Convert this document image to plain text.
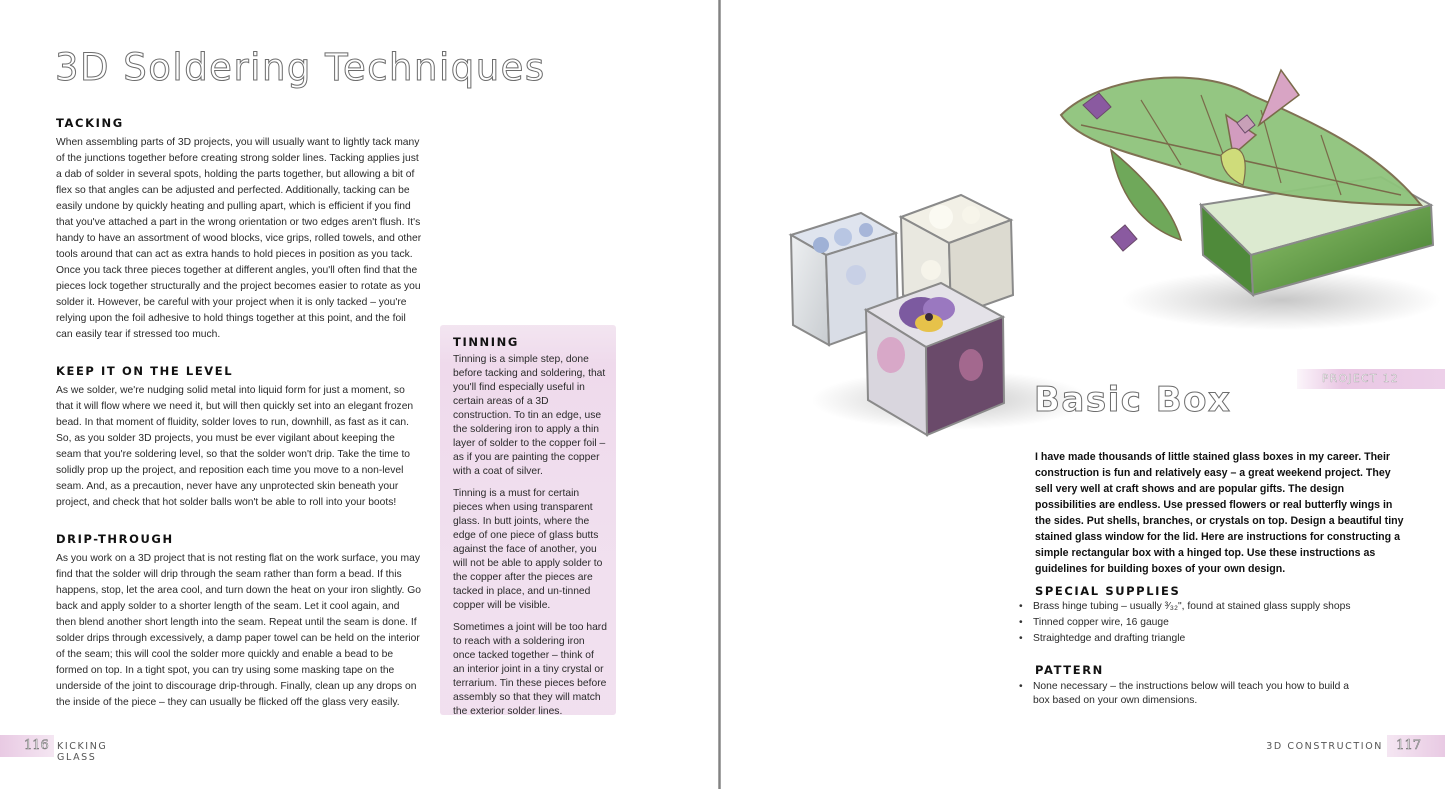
3D Soldering Techniques
TACKING

When assembling parts of 3D projects, you will usually want to lightly tack many of the junctions together before creating strong solder lines. Tacking applies just a dab of solder in several spots, holding the parts together, but allowing a bit of flex so that angles can be adjusted and perfected. Additionally, tacking can be easily undone by quickly heating and pulling apart, which is efficient if you find that you've attached a part in the wrong orientation or two edges aren't flush. It's handy to have an assortment of wood blocks, vice grips, rolled towels, and other tools around that can act as extra hands to hold pieces in position as you tack. Once you tack three pieces together at different angles, you'll often find that the pieces lock together structurally and the project becomes easier to rotate as you solder it. However, be careful with your project when it is only tacked – you're relying upon the foil adhesive to hold things together at this point, and the foil can easily tear if stressed too much.

KEEP IT ON THE LEVEL

As we solder, we're nudging solid metal into liquid form for just a moment, so that it will flow where we need it, but will then quickly set into an elegant frozen bead. In that moment of fluidity, solder loves to run, downhill, as fast as it can. So, as you solder 3D projects, you must be ever vigilant about keeping the seam that you're soldering level, so that the solder won't drip. Take the time to solidly prop up the project, and reposition each time you move to a non-level seam. And, as a precaution, never have any unprotected skin beneath your project, and check that hot solder balls won't be able to roll into your boots!

DRIP-THROUGH

As you work on a 3D project that is not resting flat on the work surface, you may find that the solder will drip through the seam rather than form a bead. If this happens, stop, let the area cool, and turn down the heat on your iron slightly. Go back and apply solder to a shorter length of the seam. Let it cool again, and then blend another short length into the seam. Repeat until the seam is done. If solder drips through excessively, a damp paper towel can be held on the interior of the seam; this will cool the solder more quickly and enable a bead to be formed on top. In a tight spot, you can try using some masking tape on the underside of the joint to discourage drip-through. Finally, clean up any drops on the inside of the piece – they can usually be flicked off the glass very easily.

TINNING

Tinning is a simple step, done before tacking and soldering, that you'll find especially useful in certain areas of a 3D construction. To tin an edge, use the soldering iron to apply a thin layer of solder to the copper foil – as if you are painting the copper with a coat of silver.

Tinning is a must for certain pieces when using transparent glass. In butt joints, where the edge of one piece of glass butts against the face of another, you will not be able to apply solder to the copper after the pieces are tacked in place, and un-tinned copper will be visible.

Sometimes a joint will be too hard to reach with a soldering iron once tacked together – think of an interior joint in a tiny crystal or terrarium. Tin these pieces before assembly so that they will match the exterior solder lines.

116 KICKING GLASS
PROJECT 12
Basic Box

I have made thousands of little stained glass boxes in my career. Their construction is fun and relatively easy – a great weekend project. They sell very well at craft shows and are popular gifts. The design possibilities are endless. Use pressed flowers or real butterfly wings in the sides. Put shells, branches, or crystals on top. Design a beautiful tiny stained glass window for the lid. Here are instructions for constructing a simple rectangular box with a hinged top. Use these instructions as guidelines for building boxes of your own design.

SPECIAL SUPPLIES
• Brass hinge tubing – usually ³⁄₃₂", found at stained glass supply shops
• Tinned copper wire, 16 gauge
• Straightedge and drafting triangle
PATTERN
• None necessary – the instructions below will teach you how to build a box based on your own dimensions.
3D CONSTRUCTION 117
